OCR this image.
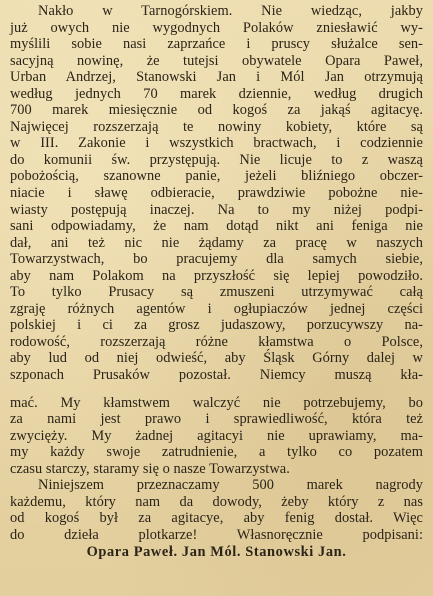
Nakło w Tarnogórskiem. Nie wiedząc, jakby
już owych nie wygodnych Polaków zniesławić wy-
myślili sobie nasi zaprzańce i pruscy służalce sen-
sacyjną nowinę, że tutejsi obywatele Opara Paweł,
Urban Andrzej, Stanowski Jan i Mól Jan otrzymują
według jednych 70 marek dziennie, według drugich
700 marek miesięcznie od kogoś za jakąś agitacyę.
Najwięcej rozszerzają te nowiny kobiety, które są
w III. Zakonie i wszystkich bractwach, i codziennie
do komunii św. przystępują. Nie licuje to z waszą
pobożością, szanowne panie, jeżeli bliźniego obczer-
niacie i sławę odbieracie, prawdziwie pobożne nie-
wiasty postępują inaczej. Na to my niżej podpi-
sani odpowiadamy, że nam dotąd nikt ani feniga nie
dał, ani też nic nie żądamy za pracę w naszych
Towarzystwach, bo pracujemy dla samych siebie,
aby nam Polakom na przyszłość się lepiej powodziło.
To tylko Prusacy są zmuszeni utrzymywać całą
zgraję różnych agentów i ogłupiaczów jednej części
polskiej i ci za grosz judaszowy, porzucywszy na-
rodowość, rozszerzają różne kłamstwa o Polsce,
aby lud od niej odwieść, aby Śląsk Górny dalej w
szponach Prusaków pozostał. Niemcy muszą kła-
mać. My kłamstwem walczyć nie potrzebujemy, bo
za nami jest prawo i sprawiedliwość, która też
zwycięży. My żadnej agitacyi nie uprawiamy, ma-
my każdy swoje zatrudnienie, a tylko co pozatem
czasu starczy, staramy się o nasze Towarzystwa.
Niniejszem przeznaczamy 500 marek nagrody
każdemu, który nam da dowody, żeby który z nas
od kogoś był za agitacye, aby fenig dostał. Więc
do dzieła plotkarze! Własnoręcznie podpisani:
Opara Paweł. Jan Mól. Stanowski Jan.
